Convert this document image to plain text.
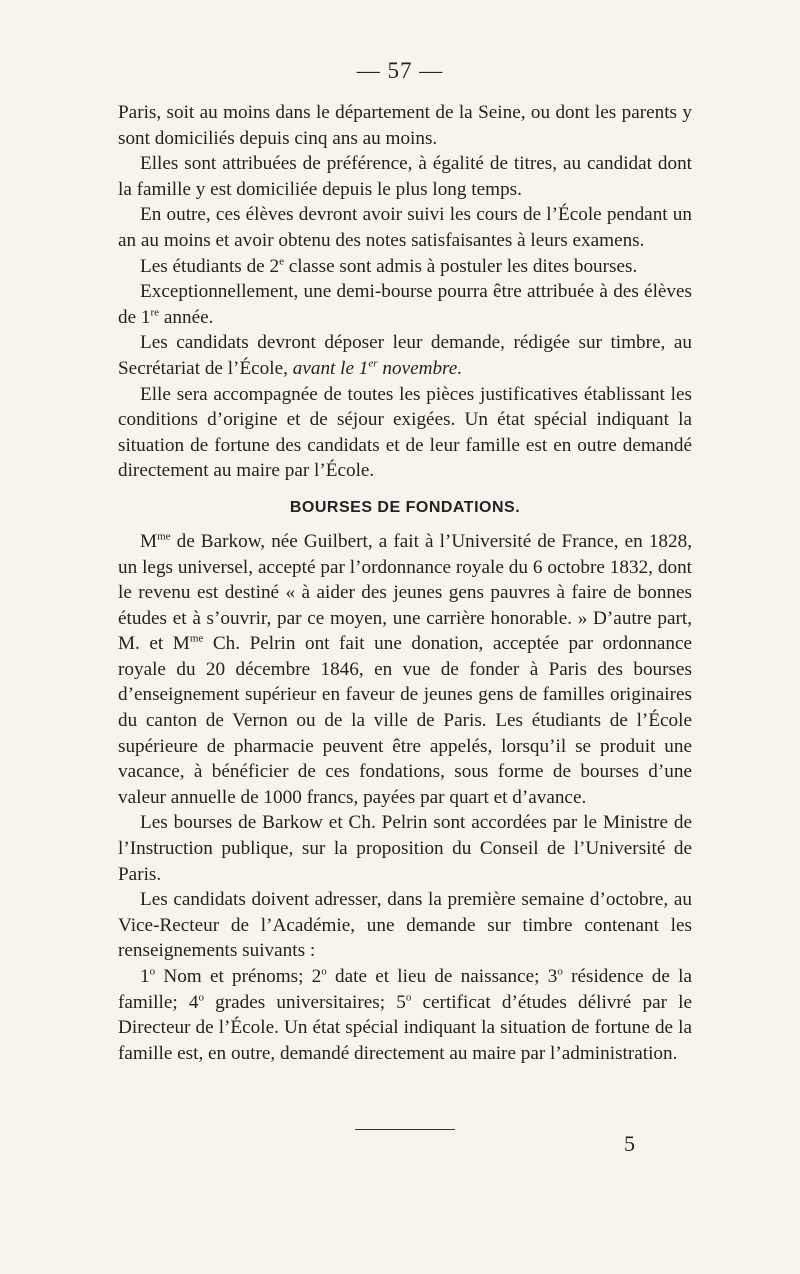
— 57 —

Paris, soit au moins dans le département de la Seine, ou dont les parents y sont domiciliés depuis cinq ans au moins.

Elles sont attribuées de préférence, à égalité de titres, au candidat dont la famille y est domiciliée depuis le plus long temps.

En outre, ces élèves devront avoir suivi les cours de l’École pendant un an au moins et avoir obtenu des notes satisfaisantes à leurs examens.

Les étudiants de 2e classe sont admis à postuler les dites bourses.

Exceptionnellement, une demi-bourse pourra être attribuée à des élèves de 1re année.

Les candidats devront déposer leur demande, rédigée sur timbre, au Secrétariat de l’École, avant le 1er novembre.

Elle sera accompagnée de toutes les pièces justificatives établissant les conditions d’origine et de séjour exigées. Un état spécial indiquant la situation de fortune des candidats et de leur famille est en outre demandé directement au maire par l’École.

BOURSES DE FONDATIONS.

$M^{me}$ de Barkow, née Guilbert, a fait à l’Université de France, en 1828, un legs universel, accepté par l’ordonnance royale du 6 octobre 1832, dont le revenu est destiné « à aider des jeunes gens pauvres à faire de bonnes études et à s’ouvrir, par ce moyen, une carrière honorable. » D’autre part, M. et $M^{me}$ Ch. Pelrin ont fait une donation, acceptée par ordonnance royale du 20 décembre 1846, en vue de fonder à Paris des bourses d’enseignement supérieur en faveur de jeunes gens de familles originaires du canton de Vernon ou de la ville de Paris. Les étudiants de l’École supérieure de pharmacie peuvent être appelés, lorsqu’il se produit une vacance, à bénéficier de ces fondations, sous forme de bourses d’une valeur annuelle de 1000 francs, payées par quart et d’avance.

Les bourses de Barkow et Ch. Pelrin sont accordées par le Ministre de l’Instruction publique, sur la proposition du Conseil de l’Université de Paris.

Les candidats doivent adresser, dans la première semaine d’octobre, au Vice-Recteur de l’Académie, une demande sur timbre contenant les renseignements suivants :

1$^o$ Nom et prénoms; 2$^o$ date et lieu de naissance; 3$^o$ résidence de la famille; 4$^o$ grades universitaires; 5$^o$ certificat d’études délivré par le Directeur de l’École. Un état spécial indiquant la situation de fortune de la famille est, en outre, demandé directement au maire par l’administration.

5
